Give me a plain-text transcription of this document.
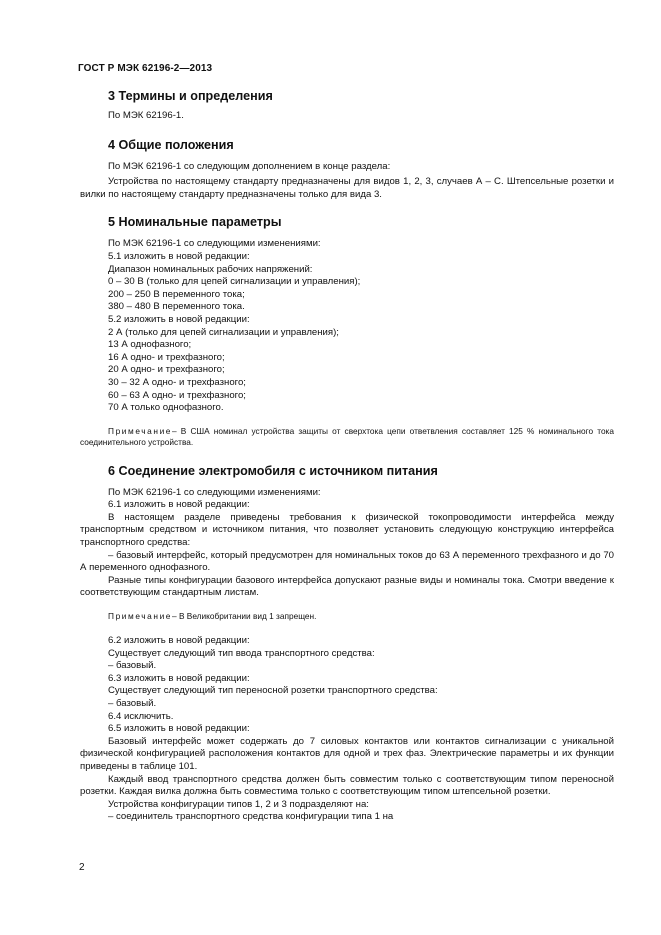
ГОСТ Р МЭК 62196-2—2013
3 Термины и определения

По МЭК 62196-1.

4 Общие положения

По МЭК 62196-1 со следующим дополнением в конце раздела:

Устройства по настоящему стандарту предназначены для видов 1, 2, 3, случаев А – С. Штепсельные розетки и вилки по настоящему стандарту предназначены только для вида 3.

5 Номинальные параметры

По МЭК 62196-1 со следующими изменениями:

5.1 изложить в новой редакции:

Диапазон номинальных рабочих напряжений:

0 – 30 В (только для цепей сигнализации и управления);

200 – 250 В переменного тока;

380 – 480 В переменного тока.

5.2 изложить в новой редакции:

2 А (только для цепей сигнализации и управления);

13 А однофазного;

16 А одно- и трехфазного;

20 А одно- и трехфазного;

30 – 32 А одно- и трехфазного;

60 – 63 А одно- и трехфазного;

70 А только однофазного.

Примечание– В США номинал устройства защиты от сверхтока цепи ответвления составляет 125 % номинального тока соединительного устройства.

6 Соединение электромобиля с источником питания

По МЭК 62196-1 со следующими изменениями:

6.1 изложить в новой редакции:

В настоящем разделе приведены требования к физической токопроводимости интерфейса между транспортным средством и источником питания, что позволяет установить следующую конструкцию интерфейса транспортного средства:

– базовый интерфейс, который предусмотрен для номинальных токов до 63 А переменного трехфазного и до 70 А переменного однофазного.

Разные типы конфигурации базового интерфейса допускают разные виды и номиналы тока. Смотри введение к соответствующим стандартным листам.

Примечание– В Великобритании вид 1 запрещен.

6.2 изложить в новой редакции:

Существует следующий тип ввода транспортного средства:

– базовый.

6.3 изложить в новой редакции:

Существует следующий тип переносной розетки транспортного средства:

– базовый.

6.4 исключить.

6.5 изложить в новой редакции:

Базовый интерфейс может содержать до 7 силовых контактов или контактов сигнализации с уникальной физической конфигурацией расположения контактов для одной и трех фаз. Электрические параметры и их функции приведены в таблице 101.

Каждый ввод транспортного средства должен быть совместим только с соответствующим типом переносной розетки. Каждая вилка должна быть совместима только с соответствующим типом штепсельной розетки.

Устройства конфигурации типов 1, 2 и 3 подразделяют на:

– соединитель транспортного средства конфигурации типа 1 на

2
